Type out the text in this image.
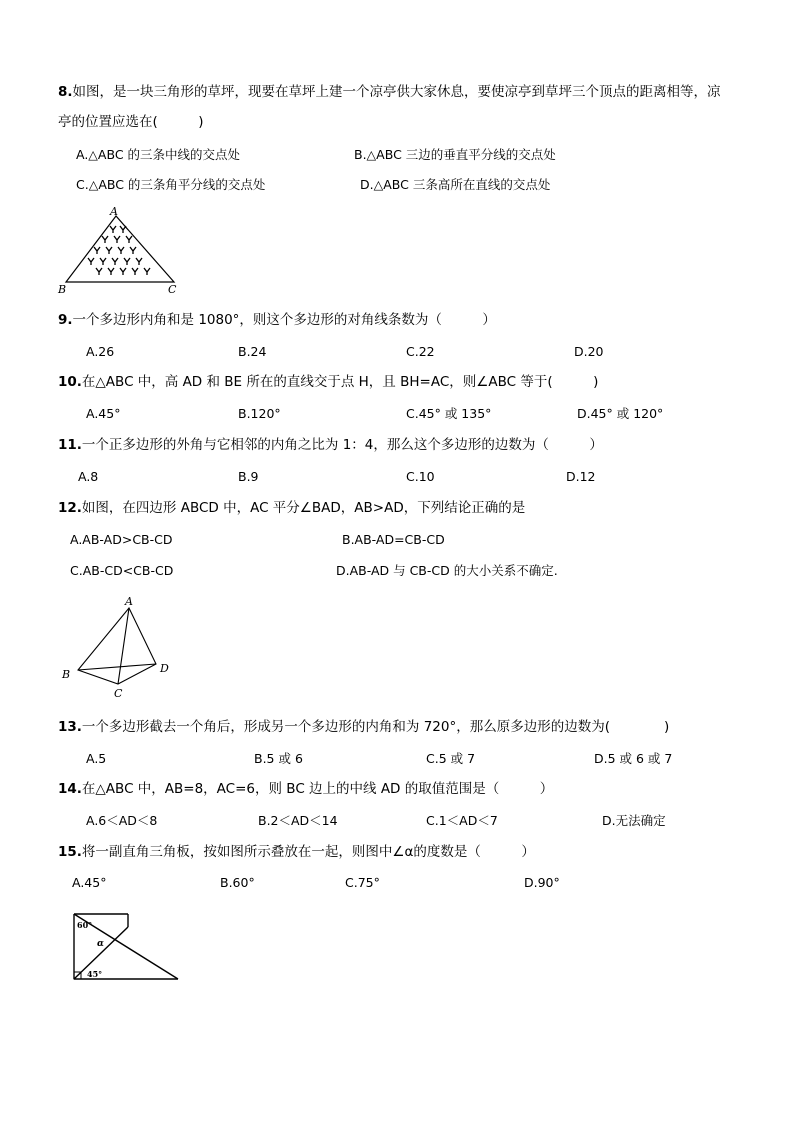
8.如图，是一块三角形的草坪，现要在草坪上建一个凉亭供大家休息，要使凉亭到草坪三个顶点的距离相等，凉
亭的位置应选在(　　　)
A.△ABC 的三条中线的交点处	B.△ABC 三边的垂直平分线的交点处
C.△ABC 的三条角平分线的交点处	D.△ABC 三条高所在直线的交点处
A
B	C
9.一个多边形内角和是 1080°，则这个多边形的对角线条数为（　　　）
A.26	B.24	C.22	D.20
10.在△ABC 中，高 AD 和 BE 所在的直线交于点 H，且 BH=AC，则∠ABC 等于(　　　)
A.45°	B.120°	C.45° 或 135°	D.45° 或 120°
11.一个正多边形的外角与它相邻的内角之比为 1：4，那么这个多边形的边数为（　　　）
A.8	B.9	C.10	D.12
12.如图，在四边形 ABCD 中，AC 平分∠BAD，AB>AD，下列结论正确的是
A.AB-AD>CB-CD	B.AB-AD=CB-CD
C.AB-CD<CB-CD	D.AB-AD 与 CB-CD 的大小关系不确定.
A
B
C
D
13.一个多边形截去一个角后，形成另一个多边形的内角和为 720°，那么原多边形的边数为(　　　　)
A.5	B.5 或 6	C.5 或 7	D.5 或 6 或 7
14.在△ABC 中，AB=8，AC=6，则 BC 边上的中线 AD 的取值范围是（　　　）
A.6＜AD＜8	B.2＜AD＜14	C.1＜AD＜7	D.无法确定
15.将一副直角三角板，按如图所示叠放在一起，则图中∠α的度数是（　　　）
A.45°	B.60°	C.75°	D.90°
60°
α
45°
